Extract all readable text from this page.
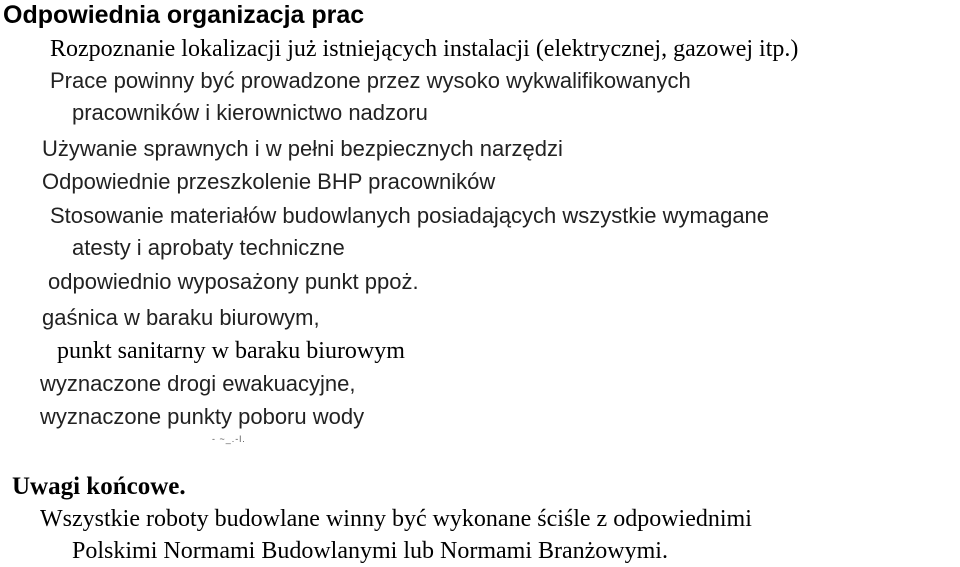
Odpowiednia organizacja prac
Rozpoznanie lokalizacji już istniejących instalacji (elektrycznej, gazowej itp.)
Prace powinny być prowadzone przez wysoko wykwalifikowanych
pracowników i kierownictwo nadzoru
Używanie sprawnych i w pełni bezpiecznych narzędzi
Odpowiednie przeszkolenie BHP pracowników
Stosowanie materiałów budowlanych posiadających wszystkie wymagane
atesty i aprobaty techniczne
odpowiednio wyposażony punkt ppoż.
gaśnica w baraku biurowym,
punkt sanitarny w baraku biurowym
wyznaczone drogi ewakuacyjne,
wyznaczone punkty poboru wody
- ~_.-l.
Uwagi końcowe.
Wszystkie roboty budowlane winny być wykonane ściśle z odpowiednimi
Polskimi Normami Budowlanymi lub Normami Branżowymi.
